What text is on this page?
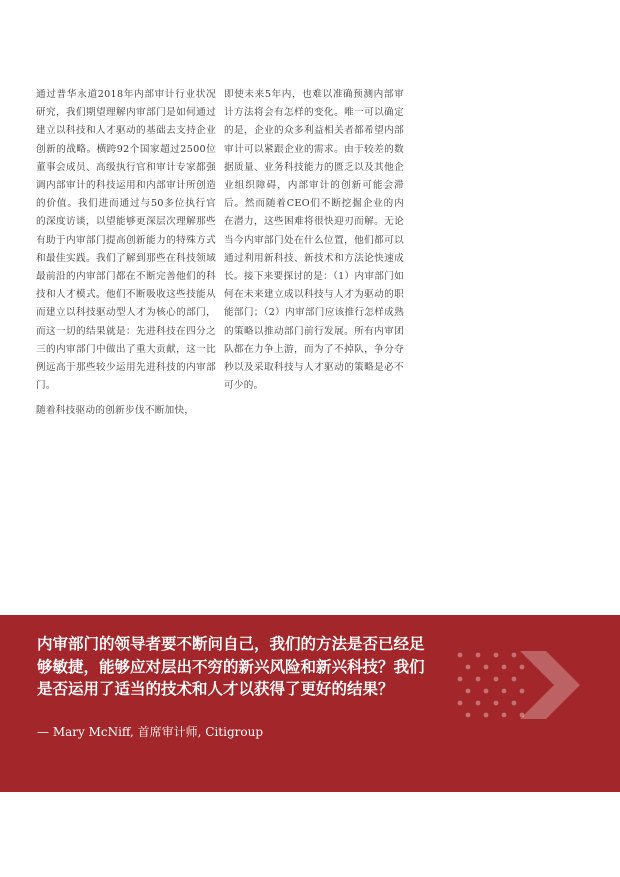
通过普华永道2018年内部审计行业状况研究，我们期望理解内审部门是如何通过建立以科技和人才驱动的基础去支持企业创新的战略。横跨92个国家超过2500位董事会成员、高级执行官和审计专家都强调内部审计的科技运用和内部审计所创造的价值。我们进而通过与50多位执行官的深度访谈，以望能够更深层次理解那些有助于内审部门提高创新能力的特殊方式和最佳实践。我们了解到那些在科技领域最前沿的内审部门都在不断完善他们的科技和人才模式。他们不断吸收这些技能从而建立以科技驱动型人才为核心的部门，而这一切的结果就是：先进科技在四分之三的内审部门中做出了重大贡献，这一比例远高于那些较少运用先进科技的内审部门。

随着科技驱动的创新步伐不断加快，

即使未来5年内，也难以准确预测内部审计方法将会有怎样的变化。唯一可以确定的是，企业的众多利益相关者都希望内部审计可以紧跟企业的需求。由于较差的数据质量、业务科技能力的匮乏以及其他企业组织障碍，内部审计的创新可能会滞后。然而随着CEO们不断挖掘企业的内在潜力，这些困难将很快迎刃而解。无论当今内审部门处在什么位置，他们都可以通过利用新科技、新技术和方法论快速成长。接下来要探讨的是：（1）内审部门如何在未来建立成以科技与人才为驱动的职能部门；（2）内审部门应该推行怎样成熟的策略以推动部门前行发展。所有内审团队都在力争上游，而为了不掉队，争分夺秒以及采取科技与人才驱动的策略是必不可少的。

内审部门的领导者要不断问自己，我们的方法是否已经足够敏捷，能够应对层出不穷的新兴风险和新兴科技？我们是否运用了适当的技术和人才以获得了更好的结果？
— Mary McNiff, 首席审计师, Citigroup
